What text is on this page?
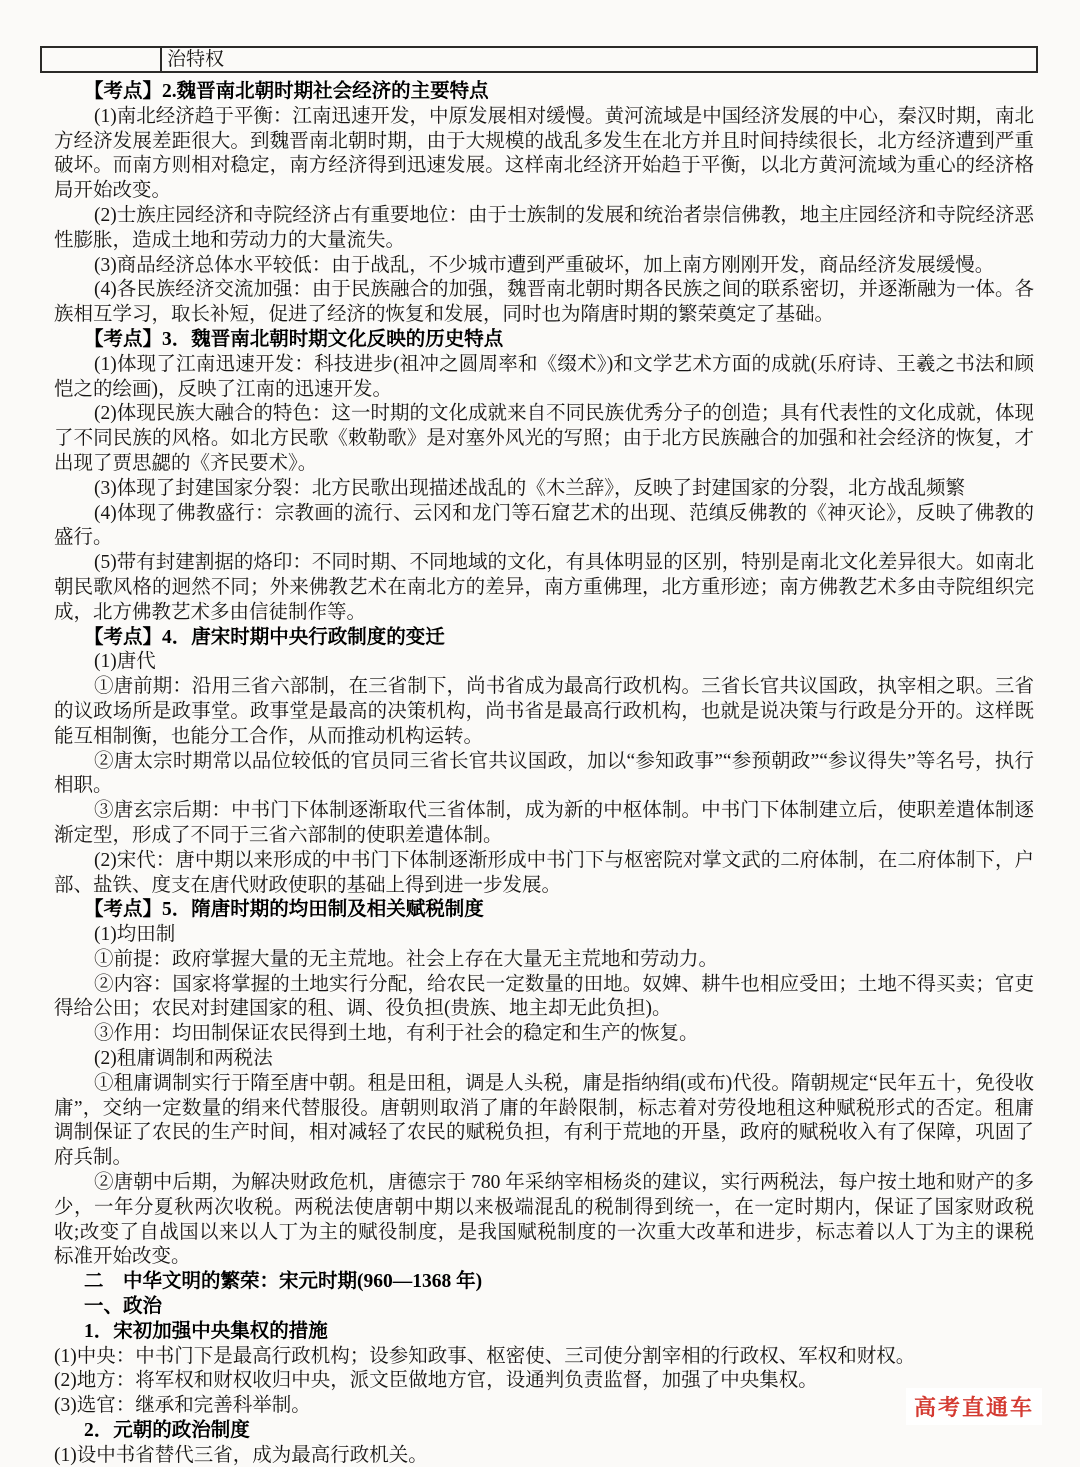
治特权

【考点】2.魏晋南北朝时期社会经济的主要特点

(1)南北经济趋于平衡：江南迅速开发，中原发展相对缓慢。黄河流域是中国经济发展的中心，秦汉时期，南北方经济发展差距很大。到魏晋南北朝时期，由于大规模的战乱多发生在北方并且时间持续很长，北方经济遭到严重破坏。而南方则相对稳定，南方经济得到迅速发展。这样南北经济开始趋于平衡，以北方黄河流域为重心的经济格局开始改变。

(2)士族庄园经济和寺院经济占有重要地位：由于士族制的发展和统治者崇信佛教，地主庄园经济和寺院经济恶性膨胀，造成土地和劳动力的大量流失。

(3)商品经济总体水平较低：由于战乱，不少城市遭到严重破坏，加上南方刚刚开发，商品经济发展缓慢。

(4)各民族经济交流加强：由于民族融合的加强，魏晋南北朝时期各民族之间的联系密切，并逐渐融为一体。各族相互学习，取长补短，促进了经济的恢复和发展，同时也为隋唐时期的繁荣奠定了基础。

【考点】3．魏晋南北朝时期文化反映的历史特点

(1)体现了江南迅速开发：科技进步(祖冲之圆周率和《缀术》)和文学艺术方面的成就(乐府诗、王羲之书法和顾恺之的绘画)，反映了江南的迅速开发。

(2)体现民族大融合的特色：这一时期的文化成就来自不同民族优秀分子的创造；具有代表性的文化成就，体现了不同民族的风格。如北方民歌《敕勒歌》是对塞外风光的写照；由于北方民族融合的加强和社会经济的恢复，才出现了贾思勰的《齐民要术》。

(3)体现了封建国家分裂：北方民歌出现描述战乱的《木兰辞》，反映了封建国家的分裂，北方战乱频繁

(4)体现了佛教盛行：宗教画的流行、云冈和龙门等石窟艺术的出现、范缜反佛教的《神灭论》，反映了佛教的盛行。

(5)带有封建割据的烙印：不同时期、不同地域的文化，有具体明显的区别，特别是南北文化差异很大。如南北朝民歌风格的迥然不同；外来佛教艺术在南北方的差异，南方重佛理，北方重形迹；南方佛教艺术多由寺院组织完成，北方佛教艺术多由信徒制作等。

【考点】4．唐宋时期中央行政制度的变迁

(1)唐代

①唐前期：沿用三省六部制，在三省制下，尚书省成为最高行政机构。三省长官共议国政，执宰相之职。三省的议政场所是政事堂。政事堂是最高的决策机构，尚书省是最高行政机构，也就是说决策与行政是分开的。这样既能互相制衡，也能分工合作，从而推动机构运转。

②唐太宗时期常以品位较低的官员同三省长官共议国政，加以“参知政事”“参预朝政”“参议得失”等名号，执行相职。

③唐玄宗后期：中书门下体制逐渐取代三省体制，成为新的中枢体制。中书门下体制建立后，使职差遣体制逐渐定型，形成了不同于三省六部制的使职差遣体制。

(2)宋代：唐中期以来形成的中书门下体制逐渐形成中书门下与枢密院对掌文武的二府体制，在二府体制下，户部、盐铁、度支在唐代财政使职的基础上得到进一步发展。

【考点】5．隋唐时期的均田制及相关赋税制度

(1)均田制

①前提：政府掌握大量的无主荒地。社会上存在大量无主荒地和劳动力。

②内容：国家将掌握的土地实行分配，给农民一定数量的田地。奴婢、耕牛也相应受田；土地不得买卖；官吏得给公田；农民对封建国家的租、调、役负担(贵族、地主却无此负担)。

③作用：均田制保证农民得到土地，有利于社会的稳定和生产的恢复。

(2)租庸调制和两税法

①租庸调制实行于隋至唐中朝。租是田租，调是人头税，庸是指纳绢(或布)代役。隋朝规定“民年五十，免役收庸”，交纳一定数量的绢来代替服役。唐朝则取消了庸的年龄限制，标志着对劳役地租这种赋税形式的否定。租庸调制保证了农民的生产时间，相对减轻了农民的赋税负担，有利于荒地的开垦，政府的赋税收入有了保障，巩固了府兵制。

②唐朝中后期，为解决财政危机，唐德宗于 780 年采纳宰相杨炎的建议，实行两税法，每户按土地和财产的多少，一年分夏秋两次收税。两税法使唐朝中期以来极端混乱的税制得到统一，在一定时期内，保证了国家财政税收;改变了自战国以来以人丁为主的赋役制度，是我国赋税制度的一次重大改革和进步，标志着以人丁为主的课税标准开始改变。

二　中华文明的繁荣：宋元时期(960—1368 年)

一、政治

1．宋初加强中央集权的措施

(1)中央：中书门下是最高行政机构；设参知政事、枢密使、三司使分割宰相的行政权、军权和财权。

(2)地方：将军权和财权收归中央，派文臣做地方官，设通判负责监督，加强了中央集权。

(3)选官：继承和完善科举制。

2．元朝的政治制度

(1)设中书省替代三省，成为最高行政机关。

高考直通车
